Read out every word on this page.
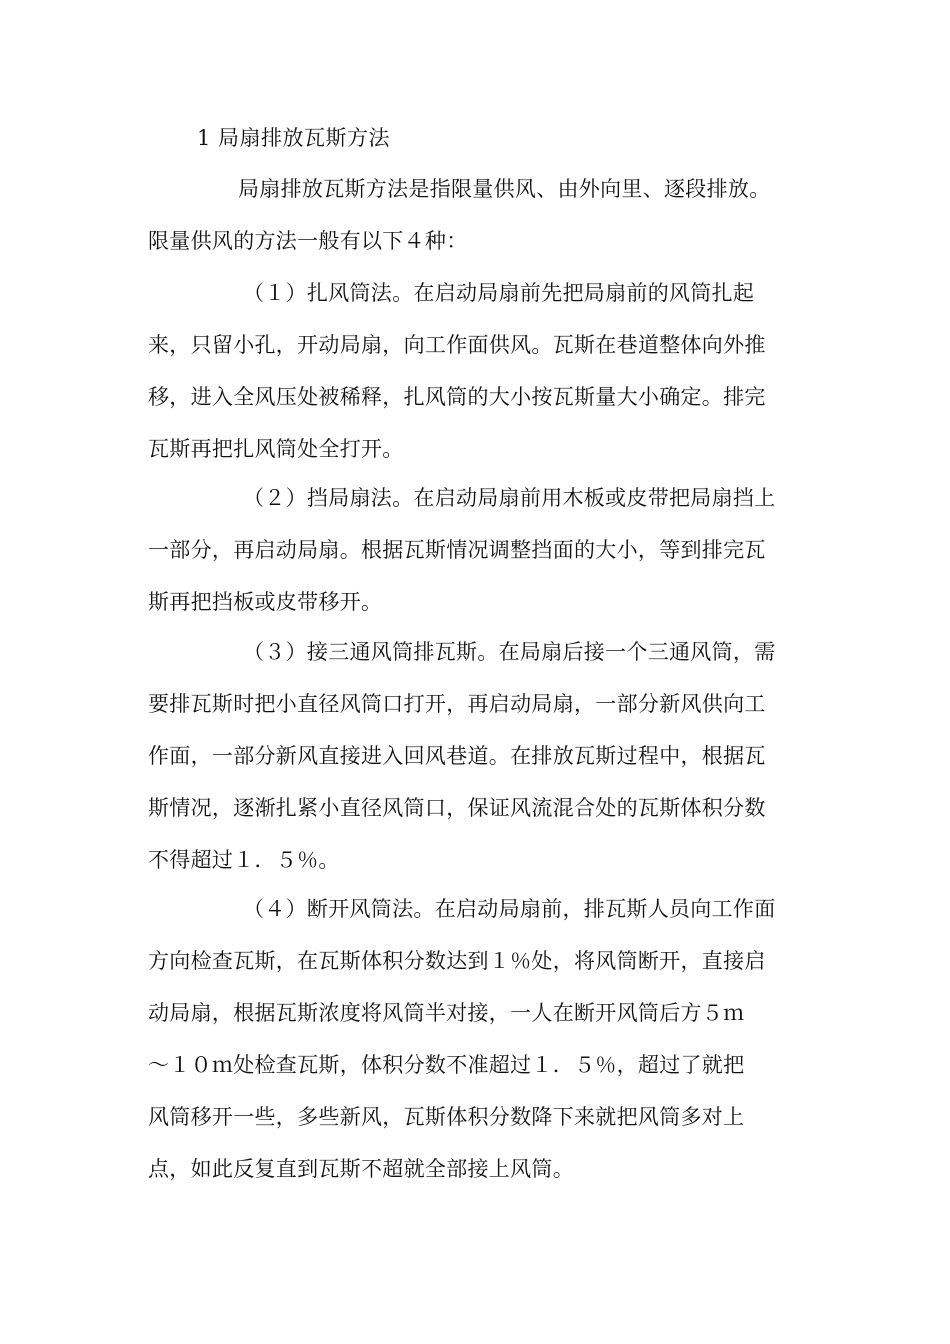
1 局扇排放瓦斯方法
局扇排放瓦斯方法是指限量供风、由外向里、逐段排放。
限量供风的方法一般有以下４种：
（１）扎风筒法。在启动局扇前先把局扇前的风筒扎起
来，只留小孔，开动局扇，向工作面供风。瓦斯在巷道整体向外推
移，进入全风压处被稀释，扎风筒的大小按瓦斯量大小确定。排完
瓦斯再把扎风筒处全打开。
（２）挡局扇法。在启动局扇前用木板或皮带把局扇挡上
一部分，再启动局扇。根据瓦斯情况调整挡面的大小，等到排完瓦
斯再把挡板或皮带移开。
（３）接三通风筒排瓦斯。在局扇后接一个三通风筒，需
要排瓦斯时把小直径风筒口打开，再启动局扇，一部分新风供向工
作面，一部分新风直接进入回风巷道。在排放瓦斯过程中，根据瓦
斯情况，逐渐扎紧小直径风筒口，保证风流混合处的瓦斯体积分数
不得超过１．５％。
（４）断开风筒法。在启动局扇前，排瓦斯人员向工作面
方向检查瓦斯，在瓦斯体积分数达到１％处，将风筒断开，直接启
动局扇，根据瓦斯浓度将风筒半对接，一人在断开风筒后方５ｍ
～１０ｍ处检查瓦斯，体积分数不准超过１．５％，超过了就把
风筒移开一些，多些新风，瓦斯体积分数降下来就把风筒多对上
点，如此反复直到瓦斯不超就全部接上风筒。
